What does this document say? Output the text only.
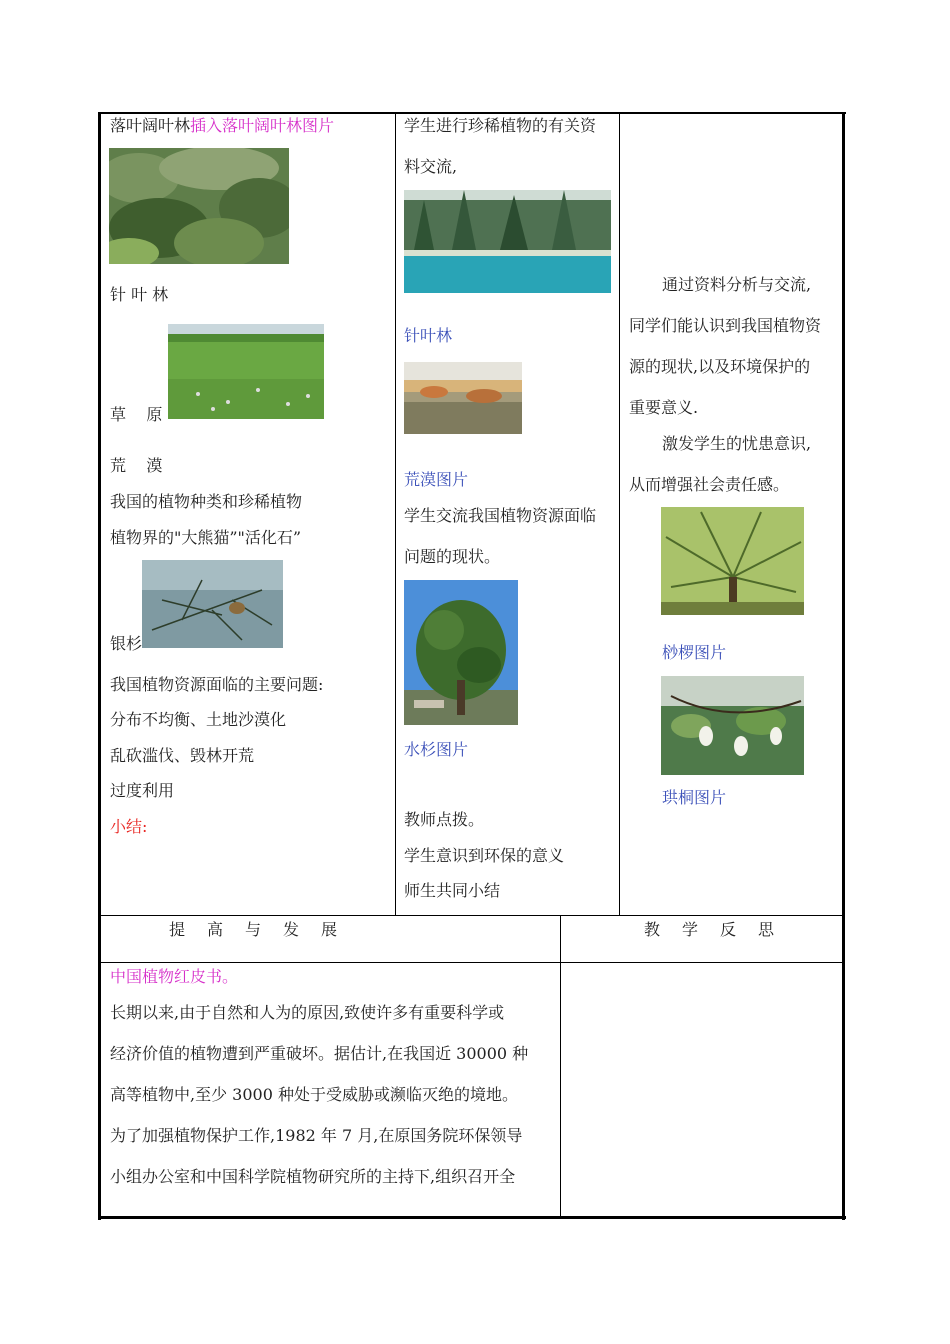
落叶阔叶林插入落叶阔叶林图片
针 叶 林
草    原
荒    漠
我国的植物种类和珍稀植物
植物界的"大熊猫”"活化石”
银杉
我国植物资源面临的主要问题:
分布不均衡、土地沙漠化
乱砍滥伐、毁林开荒
过度利用
小结:
学生进行珍稀植物的有关资
料交流,
针叶林
荒漠图片
学生交流我国植物资源面临
问题的现状。
水杉图片
教师点拨。
学生意识到环保的意义
师生共同小结
通过资料分析与交流,
同学们能认识到我国植物资
源的现状,以及环境保护的
重要意义.
激发学生的忧患意识,
从而增强社会责任感。
桫椤图片
珙桐图片
提高与发展	教学反思
中国植物红皮书。
长期以来,由于自然和人为的原因,致使许多有重要科学或
经济价值的植物遭到严重破坏。据估计,在我国近 30000 种
高等植物中,至少 3000 种处于受威胁或濒临灭绝的境地。
为了加强植物保护工作,1982 年 7 月,在原国务院环保领导
小组办公室和中国科学院植物研究所的主持下,组织召开全
